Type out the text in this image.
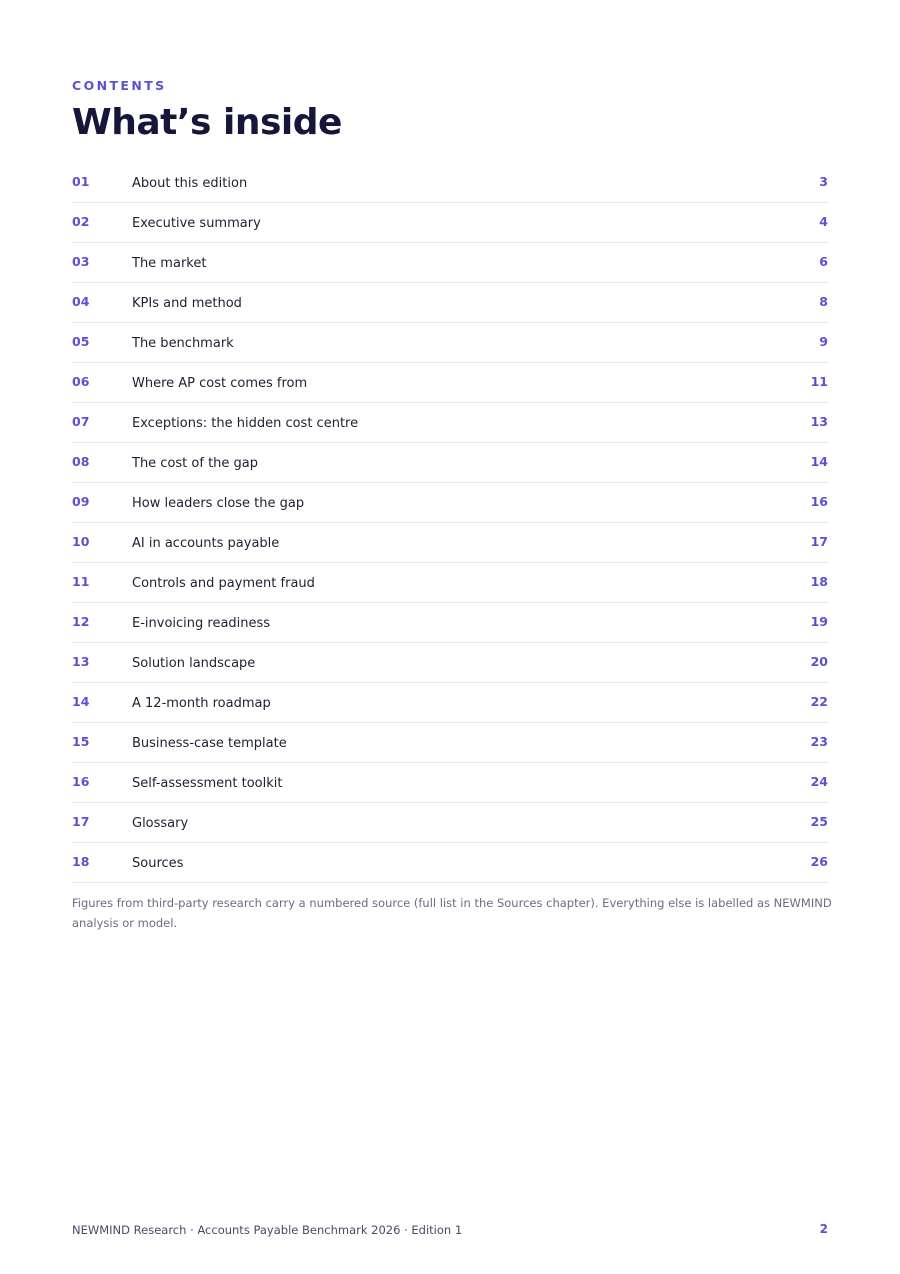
CONTENTS
What’s inside
01	About this edition	3
02	Executive summary	4
03	The market	6
04	KPIs and method	8
05	The benchmark	9
06	Where AP cost comes from	11
07	Exceptions: the hidden cost centre	13
08	The cost of the gap	14
09	How leaders close the gap	16
10	AI in accounts payable	17
11	Controls and payment fraud	18
12	E-invoicing readiness	19
13	Solution landscape	20
14	A 12-month roadmap	22
15	Business-case template	23
16	Self-assessment toolkit	24
17	Glossary	25
18	Sources	26

Figures from third-party research carry a numbered source (full list in the Sources chapter). Everything else is labelled as NEWMIND analysis or model.

NEWMIND Research · Accounts Payable Benchmark 2026 · Edition 1	2
